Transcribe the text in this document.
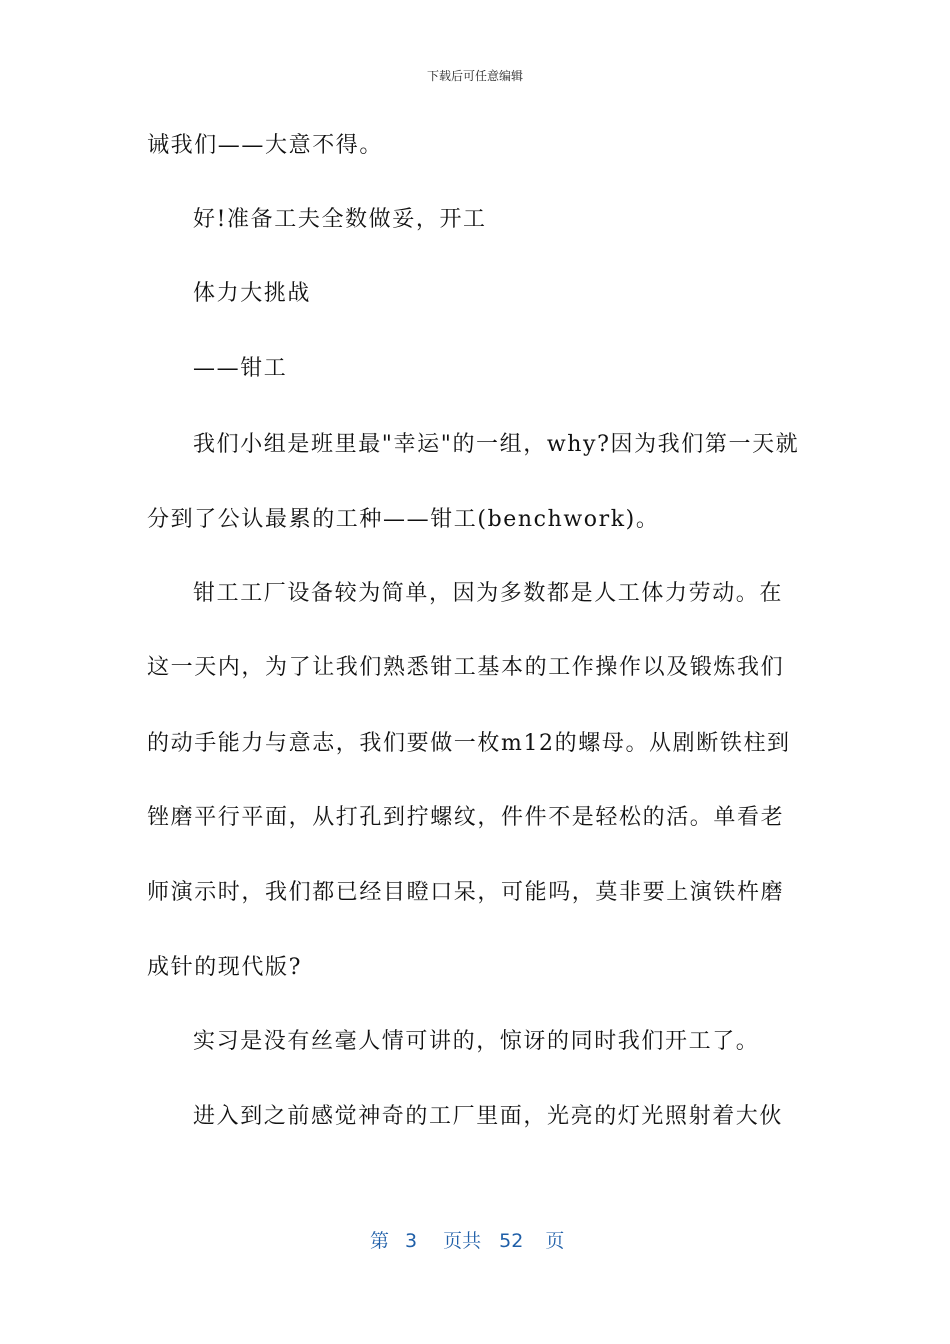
下载后可任意编辑
诫我们——大意不得。
好!准备工夫全数做妥，开工
体力大挑战
——钳工
我们小组是班里最"幸运"的一组，why?因为我们第一天就
分到了公认最累的工种——钳工(benchwork)。
钳工工厂设备较为简单，因为多数都是人工体力劳动。在
这一天内，为了让我们熟悉钳工基本的工作操作以及锻炼我们
的动手能力与意志，我们要做一枚m12的螺母。从剧断铁柱到
锉磨平行平面，从打孔到拧螺纹，件件不是轻松的活。单看老
师演示时，我们都已经目瞪口呆，可能吗，莫非要上演铁杵磨
成针的现代版?
实习是没有丝毫人情可讲的，惊讶的同时我们开工了。
进入到之前感觉神奇的工厂里面，光亮的灯光照射着大伙
第 3 页共 52 页
